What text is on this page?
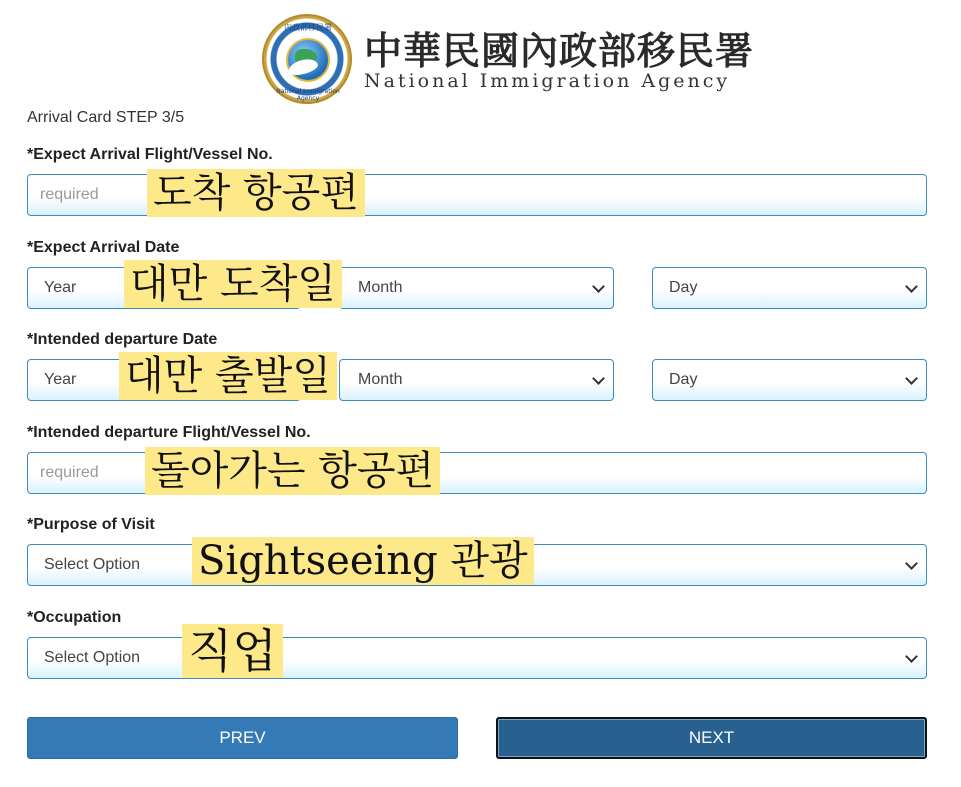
內政部移民署
National Immigration Agency
中華民國內政部移民署
National Immigration Agency
Arrival Card STEP 3/5
*Expect Arrival Flight/Vessel No.
required 도착 항공편
*Expect Arrival Date
Year	Month	Day
대만 도착일
*Intended departure Date
Year	Month	Day
대만 출발일
*Intended departure Flight/Vessel No.
required 돌아가는 항공편
*Purpose of Visit
Select Option Sightseeing 관광
*Occupation
Select Option 직업
PREV	NEXT
